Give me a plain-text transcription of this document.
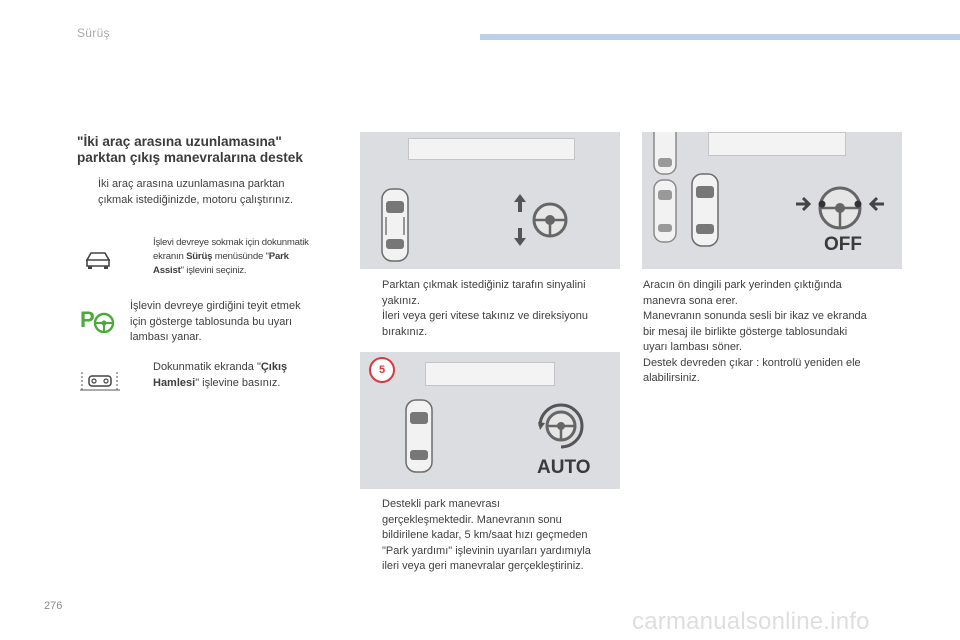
Sürüş
"İki araç arasına uzunlamasına"
parktan çıkış manevralarına destek
İki araç arasına uzunlamasına parktan
çıkmak istediğinizde, motoru çalıştırınız.
İşlevi devreye sokmak için dokunmatik
ekranın Sürüş menüsünde "Park
Assist" işlevini seçiniz.
P
İşlevin devreye girdiğini teyit etmek
için gösterge tablosunda bu uyarı
lambası yanar.
Dokunmatik ekranda "Çıkış
Hamlesi" işlevine basınız.
Parktan çıkmak istediğiniz tarafın sinyalini
yakınız.
İleri veya geri vitese takınız ve direksiyonu
bırakınız.
5
AUTO
Destekli park manevrası
gerçekleşmektedir. Manevranın sonu
bildirilene kadar, 5 km/saat hızı geçmeden
"Park yardımı" işlevinin uyarıları yardımıyla
ileri veya geri manevralar gerçekleştiriniz.
OFF
Aracın ön dingili park yerinden çıktığında
manevra sona erer.
Manevranın sonunda sesli bir ikaz ve ekranda
bir mesaj ile birlikte gösterge tablosundaki
uyarı lambası söner.
Destek devreden çıkar : kontrolü yeniden ele
alabilirsiniz.
276
carmanualsonline.info
